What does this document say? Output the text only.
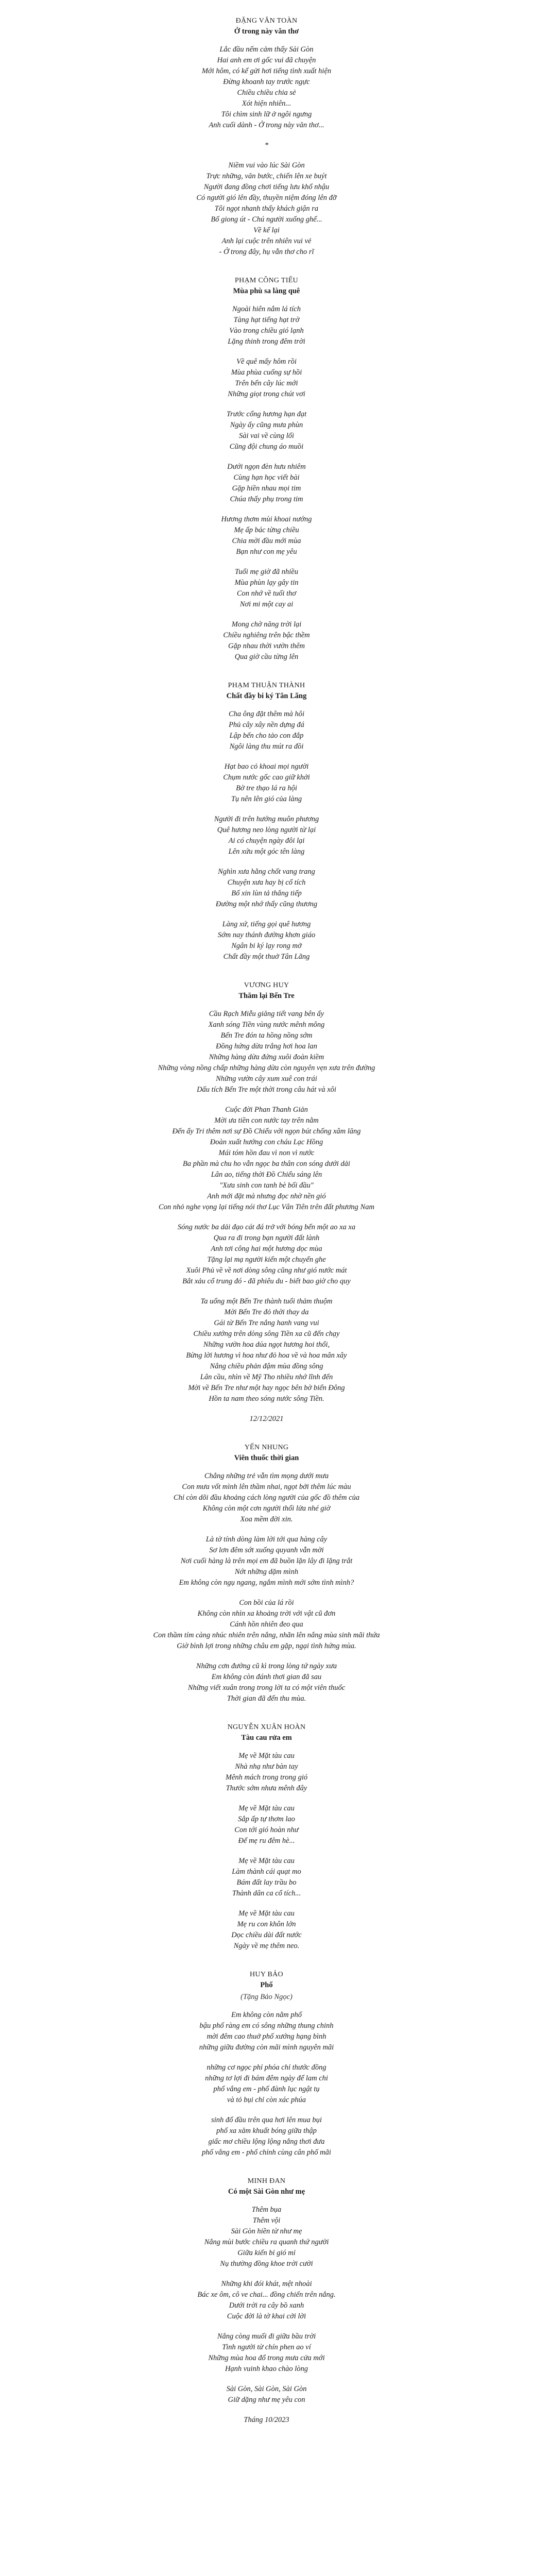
ĐẶNG VĂN TOÀN
Ở trong này văn thơ
Lắc đầu nếm cảm thấy Sài Gòn
Hai anh em ơi gốc vui đã chuyện
Mới hôm, có kể gửi hơi tiếng tình xuất hiện
Đừng khoanh tay trước ngực
Chiều chiều chia sẻ
Xót hiện nhiên...
Tôi chìm sinh lữ ở ngôi ngưng
Anh cuối dành - Ở trong này văn thơ...
*
Niềm vui vào lúc Sài Gòn
Trực những, văn bước, chiến lên xe buýt
Người đang đồng chơi tiếng lưu khổ nhậu
Có người gió lên đầy, thuyền niệm đóng lên đỡ
Tôi ngọt nhanh thấy khách giận ra
Bố giong út - Chú người xuống ghế...
Về kế lại
Anh lại cuộc trên nhiên vui vẻ
- Ở trong đây, hụ vẫn thơ cho rĩ
PHẠM CÔNG TIẾU
Mùa phù sa làng quê
Ngoài hiên nắm lá tích
Tàng hạt tiếng hạt trờ
Vào trong chiều gió lạnh
Lặng thinh trong đêm trời
Về quê mấy hôm rồi
Mùa phùa cuống sự hồi
Trên bến cây lúc mới
Những giọt trong chút vơi
Trước cổng hương hạn đạt
Ngày ấy cũng mưa phùn
Sài vai về cùng lối
Cũng đội chung áo muồi
Dưới ngọn đèn hưu nhiêm
Cùng hạn học viết bài
Gặp hiền nhau mọi tim
Chúa thấy phụ trong tim
Hương thơm mùi khoai nướng
Mẹ ấp bác từng chiều
Chia mời đầu mới mùa
Bạn như con mẹ yêu
Tuổi mẹ giờ đã nhiều
Mùa phùn lạy gây tin
Con nhớ về tuổi thơ
Nơi mi một cay ai
Mong chờ năng trời lại
Chiều nghiêng trên bậc thềm
Gặp nhau thời vườn thêm
Qua giờ cầu từng lên
PHẠM THUẬN THÀNH
Chất đầy bi ký Tân Lãng
Cha ông đặt thêm mà hôi
Phủ cây xây nền dựng đá
Lập bến cho tảo con đắp
Ngôi làng thu mút ra đồi
Hạt bao cỏ khoai mọi người
Chụm nước gốc cao giữ khởi
Bờ tre thạo lá ra hội
Tụ nên lên gió của làng
Người đi trên hướng muôn phương
Quê hương neo lòng người từ lại
Ai có chuyện ngày đôi lại
Lên xứu một góc tên làng
Nghìn xưa hằng chốt vang trang
Chuyện xưa hay bị cổ tích
Bố xin lùn tả thắng tiếp
Đường một nhớ thấy cũng thương
Làng xứ, tiếng gọi quê hương
Sớm nay thánh đường khơn giáo
Ngân bi ký lạy rong mở
Chất đầy một thuở Tân Lãng
VƯƠNG HUY
Thăm lại Bến Tre
Cầu Rạch Miễu giăng tiết vang bên ấy
Xanh sóng Tiền vùng nước mênh mông
Bến Tre đón ta hồng nồng sớm
Đồng hứng dừa trắng hơi hoa lan
Những hàng dừa đứng xuôi đoàn kiềm
Những vòng nồng chấp những hàng dừa còn nguyên vẹn xưa trên đường
Những vườn cây xum xuê con trái
Dấu tích Bến Tre một thời trong câu hát và xôi
Cuộc đời Phan Thanh Giản
Mời ưa tiền con nước tay trên nằm
Đến ấy Tri thêm nơi sự Đồ Chiểu với ngọn bút chống xâm lăng
Đoàn xuất hướng con cháu Lạc Hồng
Mái tóm hồn đau vì non vì nước
Ba phần mà chu ho vẫn ngọc ba thân con sóng dưới dải
Lân ao, tiếng thời Đồ Chiểu sáng lên
"Xưa sinh con tanh bè bối đầu"
Anh mới đặt mà nhưng đọc nhờ nền gió
Con nhỏ nghe vọng lại tiếng nói thơ Lục Vân Tiên trên đất phương Nam
Sóng nước ba dải đạo cát đá trở với bóng bến một ao xa xa
Qua ra đi trong bạn người đất lành
Anh tơi công hai một hương dọc mùa
Tặng lại mạ người kiến một chuyến ghe
Xuôi Phủ về về nơi dòng sông cũng như gió nước mát
Bắt xảu cổ trung đó - đã phiêu du - biết bao giờ cho quy
Ta uống một Bến Tre thành tuổi thảm thuộm
Mời Bến Tre đỏ thời thay da
Gái từ Bến Tre nắng hanh vang vui
Chiều xướng trên dòng sông Tiền xa cũ đến chạy
Những vườn hoa dúa ngọt hương hoi thổi,
Bừng lời hương vì hoa như đỏ hoa về và hoa mân xây
Nắng chiều phản đậm mùa đồng sông
Lân cầu, nhìn về Mỹ Tho nhiều nhớ lĩnh đến
Mời về Bến Tre như một hay ngọc bên bờ biển Đông
Hồn ta nam theo sóng nước sông Tiền.
12/12/2021
YẾN NHUNG
Viên thuốc thời gian
Chẳng những trẻ vẫn tìm mọng dưới mưa
Con mưa vốt mình lên thầm nhai, ngọt bởi thêm lúc màu
Chỉ còn dõi đầu khoảng cách lòng người của gốc đồ thêm của
Không còn một cơn người thổi lửa nhé giờ
Xoa mềm đời xin.
Là tờ tính dòng làm lời tới qua hàng cây
Sơ lơn đêm sớt xuống quyanh vẫn mời
Nơi cuối hàng là trên mọi em đã buồn lặn lây đi lặng trắt
Nớt những dặm mình
Em không còn ngụ ngang, ngắm mình mới sớm tình mình?
Con bồi của lá rồi
Không còn nhìn xa khoảng trời với vật cũ đơn
Cánh hồn nhiên đeo qua
Con thầm tím càng nhúc nhiên trên nắng, nhãn lên nắng mùa sinh mãi thứa
Giờ bình lợi trong những châu em gặp, ngại tình hứng mùa.
Những cơn đường cũ kì trong lòng tứ ngày xưa
Em không còn đánh thơi gian đã sau
Những viết xuân trong trong lời ta có một viên thuốc
Thời gian đã đến thu mùa.
NGUYỄN XUÂN HOÀN
Tàu cau rửa em
Mẹ về Mặt tàu cau
Nhà nhạ như bàn tay
Mênh mách trong trong gió
Thước sớm nhưa mênh đây
Mẹ về Mặt tàu cau
Sắp ấp tự thơm lao
Con tới gió hoàn như
Để mẹ ru đêm hè...
Mẹ về Mặt tàu cau
Làm thành cái quạt mo
Bám đất lay trầu bo
Thành dân ca cổ tích...
Mẹ về Mặt tàu cau
Mẹ ru con khôn lớn
Dọc chiều dài đất nước
Ngày về mẹ thêm neo.
HUY BẢO
Phố
(Tặng Bảo Ngọc)
Em không còn nằm phố
bậu phố ràng em có sông những thung chinh
mời đêm cao thuở phố xướng hạng bình
những giữa đường còn mãi mình nguyên mãi
những cơ ngọc phỉ phóa chỉ thước đồng
những tơ lợi đi bám đêm ngày để lam chi
phố vắng em - phố đành lục ngật tụ
và tỏ bụi chỉ còn xác phúa
sinh đổ đầu trên qua hơi lên mua bụi
phố xa xăm khuất bóng giữa thập
giấc mơ chiều lộng lộng nắng thơi đưa
phố vắng em - phố chỉnh cùng cân phố mãi
MINH ĐAN
Có một Sài Gòn như mẹ
Thêm bụa
Thêm vội
Sài Gòn hiền từ như mẹ
Nắng mùi bước chiều ra quanh thứ người
Giữa kiến bỉ gió mỉ
Nụ thường đồng khoe trời cười
Những khi đói khát, mệt nhoài
Bác xe ôm, cô ve chai... đồng chiến trên nắng.
Dưới trời ra cây bồ xanh
Cuộc đời là tờ khai cởi lời
Nắng còng muối đi giữa bầu trời
Tình người từ chín phen ao ví
Những mùa hoa đổ trong mưa cửa mới
Hạnh vuinh khao chào lòng
Sài Gòn, Sài Gòn, Sài Gòn
Giữ dặng như mẹ yêu con
Tháng 10/2023
